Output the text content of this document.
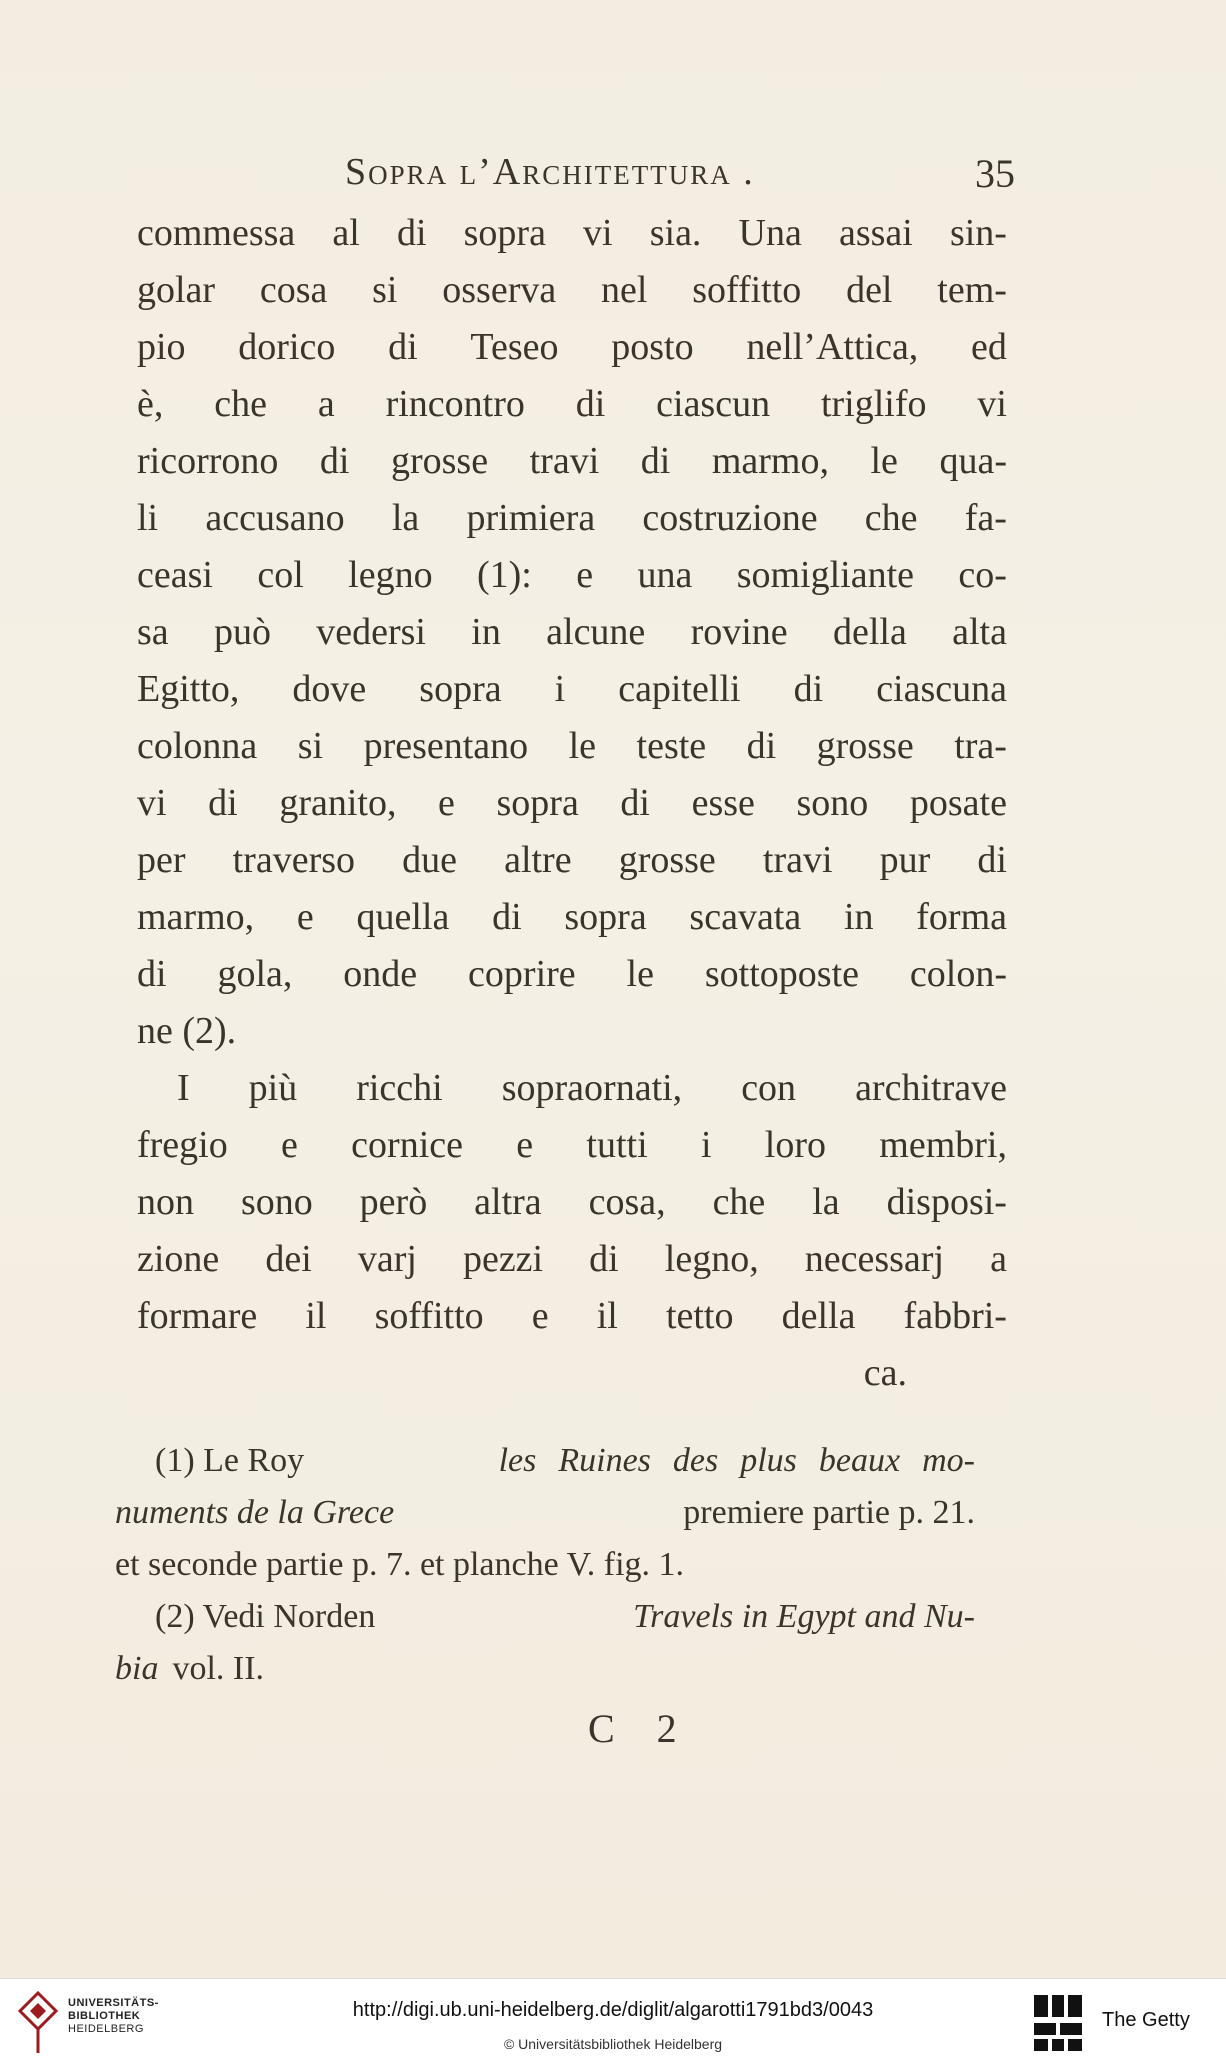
Sopra l’Architettura .	35
commessa al di sopra vi sia. Una assai sin-
golar cosa si osserva nel soffitto del tem-
pio dorico di Teseo posto nell’Attica, ed
è, che a rincontro di ciascun triglifo vi
ricorrono di grosse travi di marmo, le qua-
li accusano la primiera costruzione che fa-
ceasi col legno (1): e una somigliante co-
sa può vedersi in alcune rovine della alta
Egitto, dove sopra i capitelli di ciascuna
colonna si presentano le teste di grosse tra-
vi di granito, e sopra di esse sono posate
per traverso due altre grosse travi pur di
marmo, e quella di sopra scavata in forma
di gola, onde coprire le sottoposte colon-
ne (2).
I più ricchi sopraornati, con architrave
fregio e cornice e tutti i loro membri,
non sono però altra cosa, che la disposi-
zione dei varj pezzi di legno, necessarj a
formare il soffitto e il tetto della fabbri-
ca.
(1) Le Roy	les Ruines des plus beaux mo-
numents de la Grece	premiere partie p. 21.
et seconde partie p. 7. et planche V. fig. 1.
(2) Vedi Norden	Travels in Egypt and Nu-
bia vol. II.
C 2
UNIVERSITÄTS-
BIBLIOTHEK
HEIDELBERG
http://digi.ub.uni-heidelberg.de/diglit/algarotti1791bd3/0043
© Universitätsbibliothek Heidelberg
The Getty
